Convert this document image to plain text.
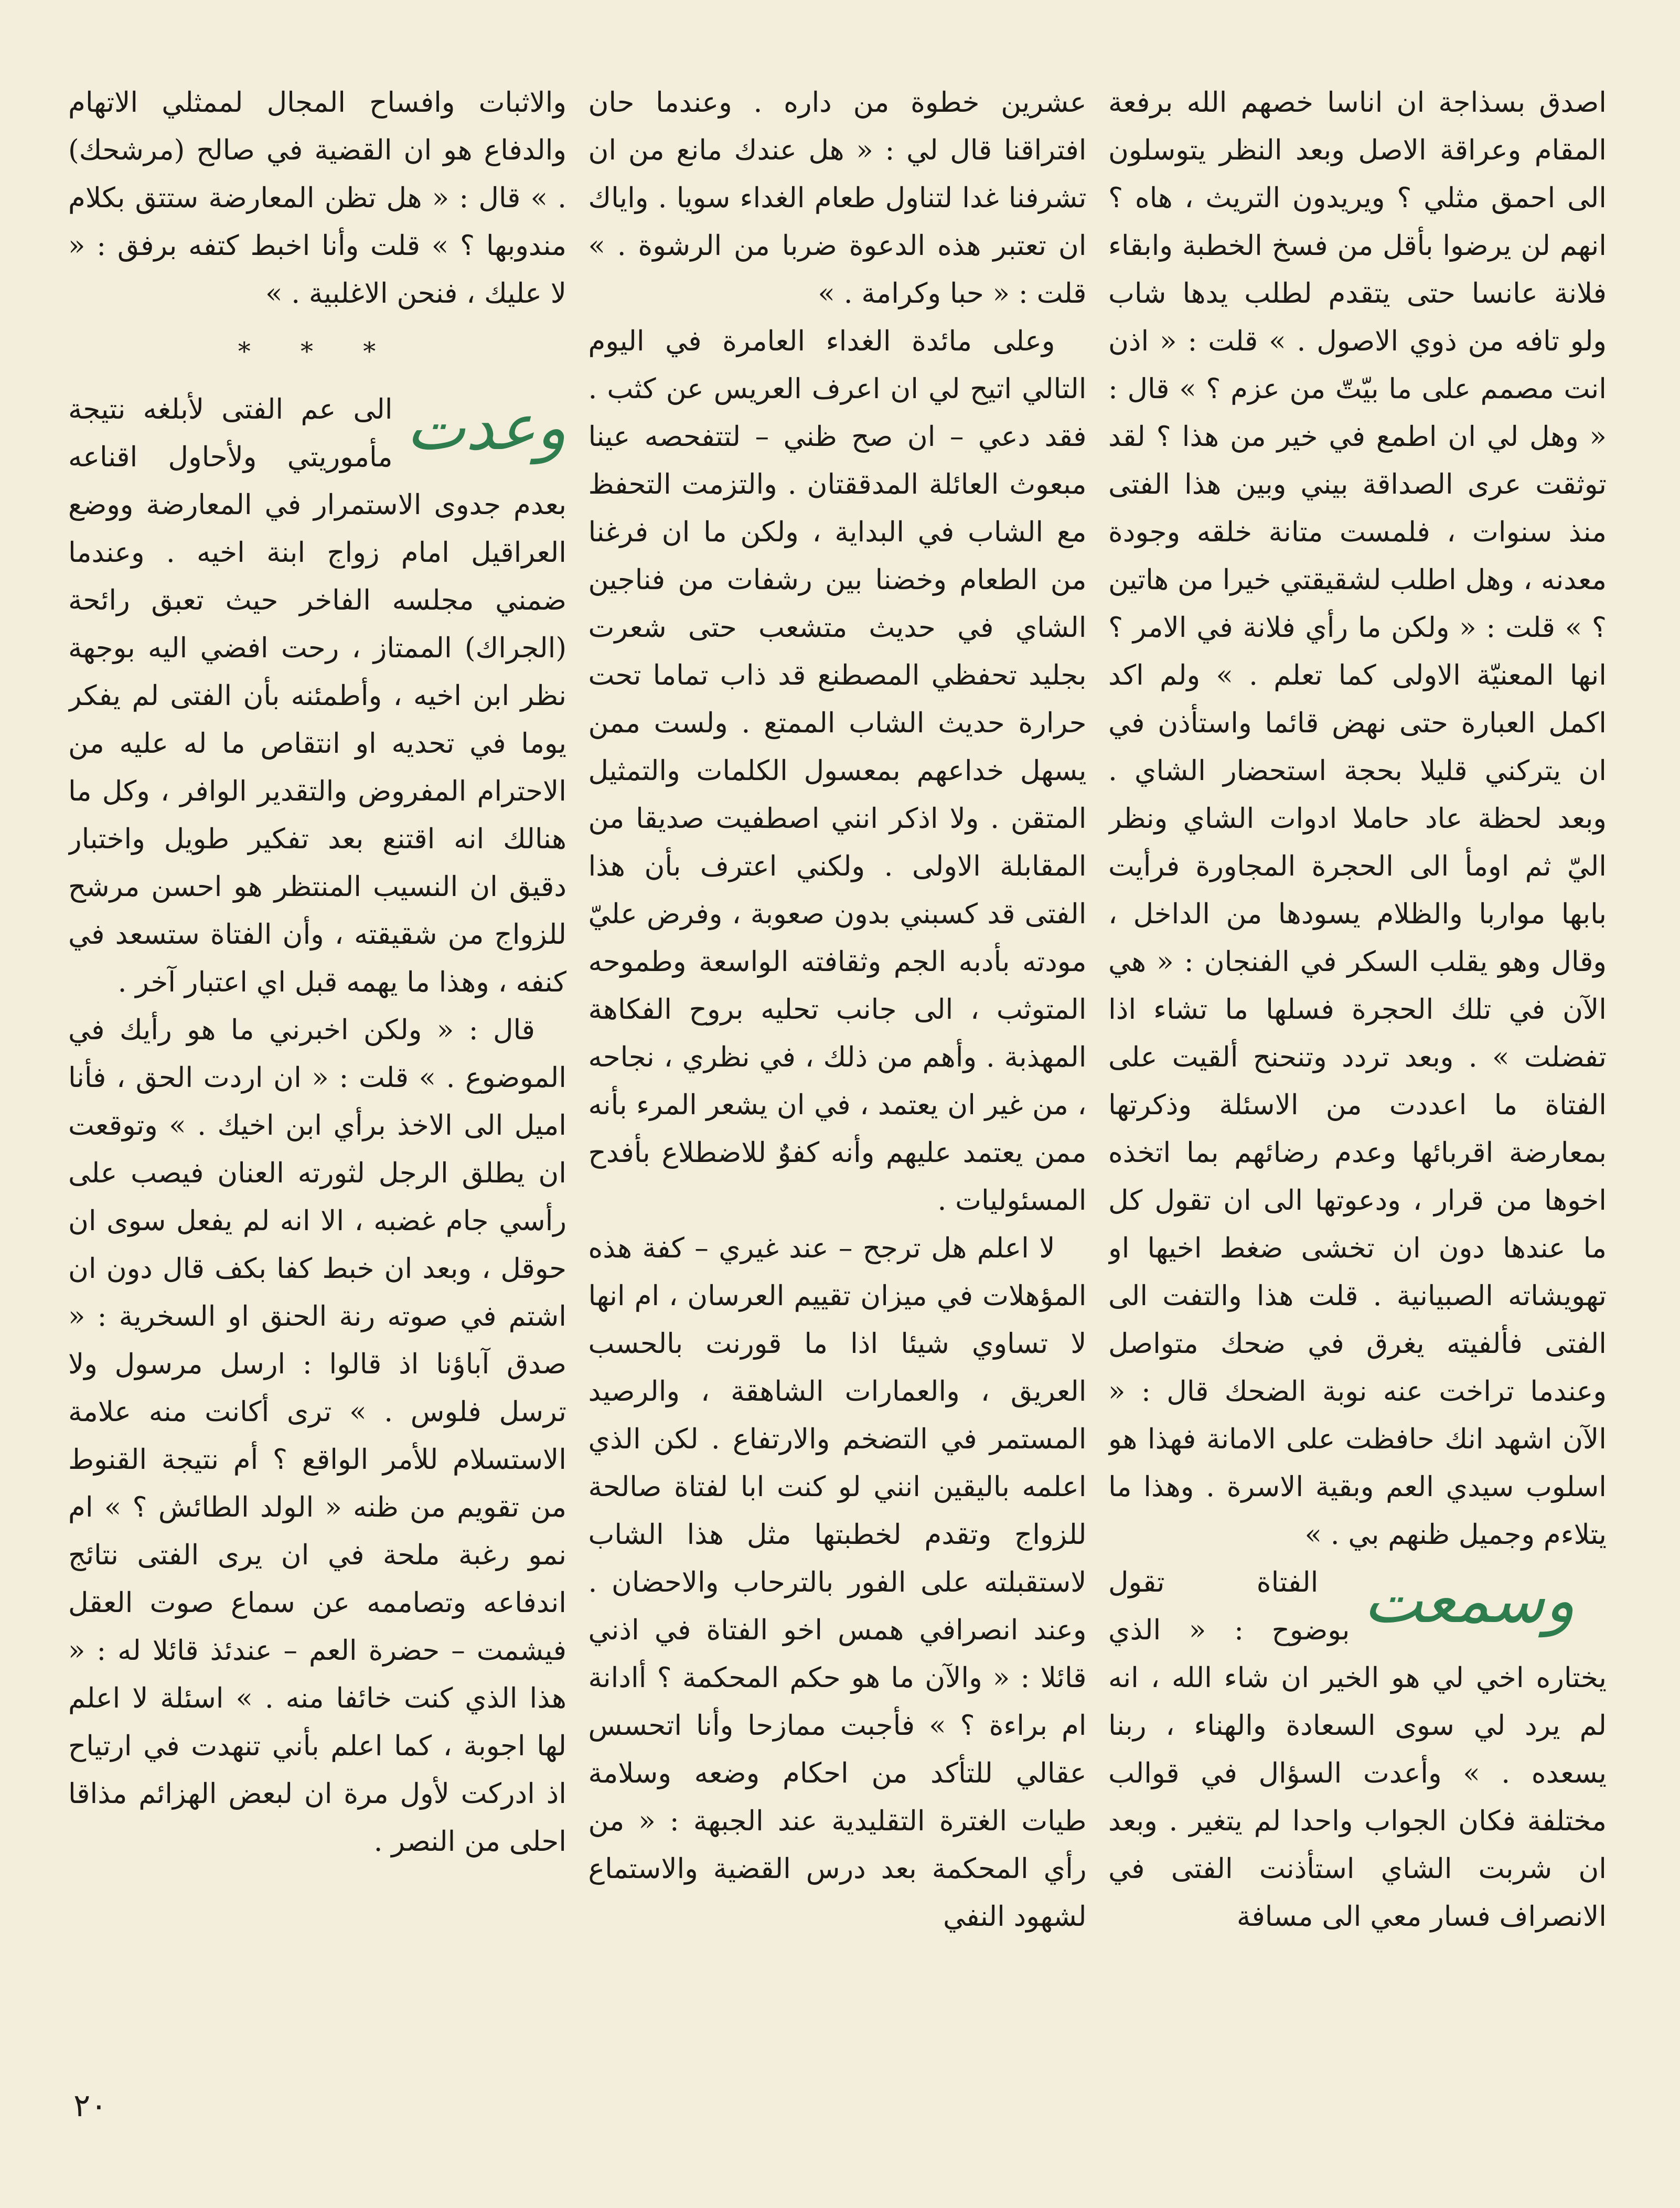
اصدق بسذاجة ان اناسا خصهم الله برفعة المقام وعراقة الاصل وبعد النظر يتوسلون الى احمق مثلي ؟ ويريدون التريث ، هاه ؟ انهم لن يرضوا بأقل من فسخ الخطبة وابقاء فلانة عانسا حتى يتقدم لطلب يدها شاب ولو تافه من ذوي الاصول . » قلت : « اذن انت مصمم على ما بيّتّ من عزم ؟ » قال : « وهل لي ان اطمع في خير من هذا ؟ لقد توثقت عرى الصداقة بيني وبين هذا الفتى منذ سنوات ، فلمست متانة خلقه وجودة معدنه ، وهل اطلب لشقيقتي خيرا من هاتين ؟ » قلت : « ولكن ما رأي فلانة في الامر ؟ انها المعنيّة الاولى كما تعلم . » ولم اكد اكمل العبارة حتى نهض قائما واستأذن في ان يتركني قليلا بحجة استحضار الشاي . وبعد لحظة عاد حاملا ادوات الشاي ونظر اليّ ثم اومأ الى الحجرة المجاورة فرأيت بابها مواربا والظلام يسودها من الداخل ، وقال وهو يقلب السكر في الفنجان : « هي الآن في تلك الحجرة فسلها ما تشاء اذا تفضلت » . وبعد تردد وتنحنح ألقيت على الفتاة ما اعددت من الاسئلة وذكرتها بمعارضة اقربائها وعدم رضائهم بما اتخذه اخوها من قرار ، ودعوتها الى ان تقول كل ما عندها دون ان تخشى ضغط اخيها او تهويشاته الصبيانية . قلت هذا والتفت الى الفتى فألفيته يغرق في ضحك متواصل وعندما تراخت عنه نوبة الضحك قال : « الآن اشهد انك حافظت على الامانة فهذا هو اسلوب سيدي العم وبقية الاسرة . وهذا ما يتلاءم وجميل ظنهم بي . »

وسمعت
الفتاة تقول بوضوح : « الذي يختاره اخي لي هو الخير ان شاء الله ، انه لم يرد لي سوى السعادة والهناء ، ربنا يسعده . » وأعدت السؤال في قوالب مختلفة فكان الجواب واحدا لم يتغير . وبعد ان شربت الشاي استأذنت الفتى في الانصراف فسار معي الى مسافة

عشرين خطوة من داره . وعندما حان افتراقنا قال لي : « هل عندك مانع من ان تشرفنا غدا لتناول طعام الغداء سويا . واياك ان تعتبر هذه الدعوة ضربا من الرشوة . » قلت : « حبا وكرامة . »

وعلى مائدة الغداء العامرة في اليوم التالي اتيح لي ان اعرف العريس عن كثب . فقد دعي – ان صح ظني – لتتفحصه عينا مبعوث العائلة المدققتان . والتزمت التحفظ مع الشاب في البداية ، ولكن ما ان فرغنا من الطعام وخضنا بين رشفات من فناجين الشاي في حديث متشعب حتى شعرت بجليد تحفظي المصطنع قد ذاب تماما تحت حرارة حديث الشاب الممتع . ولست ممن يسهل خداعهم بمعسول الكلمات والتمثيل المتقن . ولا اذكر انني اصطفيت صديقا من المقابلة الاولى . ولكني اعترف بأن هذا الفتى قد كسبني بدون صعوبة ، وفرض عليّ مودته بأدبه الجم وثقافته الواسعة وطموحه المتوثب ، الى جانب تحليه بروح الفكاهة المهذبة . وأهم من ذلك ، في نظري ، نجاحه ، من غير ان يعتمد ، في ان يشعر المرء بأنه ممن يعتمد عليهم وأنه كفوٌ للاضطلاع بأفدح المسئوليات .

لا اعلم هل ترجح – عند غيري – كفة هذه المؤهلات في ميزان تقييم العرسان ، ام انها لا تساوي شيئا اذا ما قورنت بالحسب العريق ، والعمارات الشاهقة ، والرصيد المستمر في التضخم والارتفاع . لكن الذي اعلمه باليقين انني لو كنت ابا لفتاة صالحة للزواج وتقدم لخطبتها مثل هذا الشاب لاستقبلته على الفور بالترحاب والاحضان . وعند انصرافي همس اخو الفتاة في اذني قائلا : « والآن ما هو حكم المحكمة ؟ أادانة ام براءة ؟ » فأجبت ممازحا وأنا اتحسس عقالي للتأكد من احكام وضعه وسلامة طيات الغترة التقليدية عند الجبهة : « من رأي المحكمة بعد درس القضية والاستماع لشهود النفي

والاثبات وافساح المجال لممثلي الاتهام والدفاع هو ان القضية في صالح (مرشحك) . » قال : « هل تظن المعارضة ستتق بكلام مندوبها ؟ » قلت وأنا اخبط كتفه برفق : « لا عليك ، فنحن الاغلبية . »

* * *

وعدت
الى عم الفتى لأبلغه نتيجة مأموريتي ولأحاول اقناعه بعدم جدوى الاستمرار في المعارضة ووضع العراقيل امام زواج ابنة اخيه . وعندما ضمني مجلسه الفاخر حيث تعبق رائحة (الجراك) الممتاز ، رحت افضي اليه بوجهة نظر ابن اخيه ، وأطمئنه بأن الفتى لم يفكر يوما في تحديه او انتقاص ما له عليه من الاحترام المفروض والتقدير الوافر ، وكل ما هنالك انه اقتنع بعد تفكير طويل واختبار دقيق ان النسيب المنتظر هو احسن مرشح للزواج من شقيقته ، وأن الفتاة ستسعد في كنفه ، وهذا ما يهمه قبل اي اعتبار آخر .

قال : « ولكن اخبرني ما هو رأيك في الموضوع . » قلت : « ان اردت الحق ، فأنا اميل الى الاخذ برأي ابن اخيك . » وتوقعت ان يطلق الرجل لثورته العنان فيصب على رأسي جام غضبه ، الا انه لم يفعل سوى ان حوقل ، وبعد ان خبط كفا بكف قال دون ان اشتم في صوته رنة الحنق او السخرية : « صدق آباؤنا اذ قالوا : ارسل مرسول ولا ترسل فلوس . » ترى أكانت منه علامة الاستسلام للأمر الواقع ؟ أم نتيجة القنوط من تقويم من ظنه « الولد الطائش ؟ » ام نمو رغبة ملحة في ان يرى الفتى نتائج اندفاعه وتصاممه عن سماع صوت العقل فيشمت – حضرة العم – عندئذ قائلا له : « هذا الذي كنت خائفا منه . » اسئلة لا اعلم لها اجوبة ، كما اعلم بأني تنهدت في ارتياح اذ ادركت لأول مرة ان لبعض الهزائم مذاقا احلى من النصر .

٢٠
